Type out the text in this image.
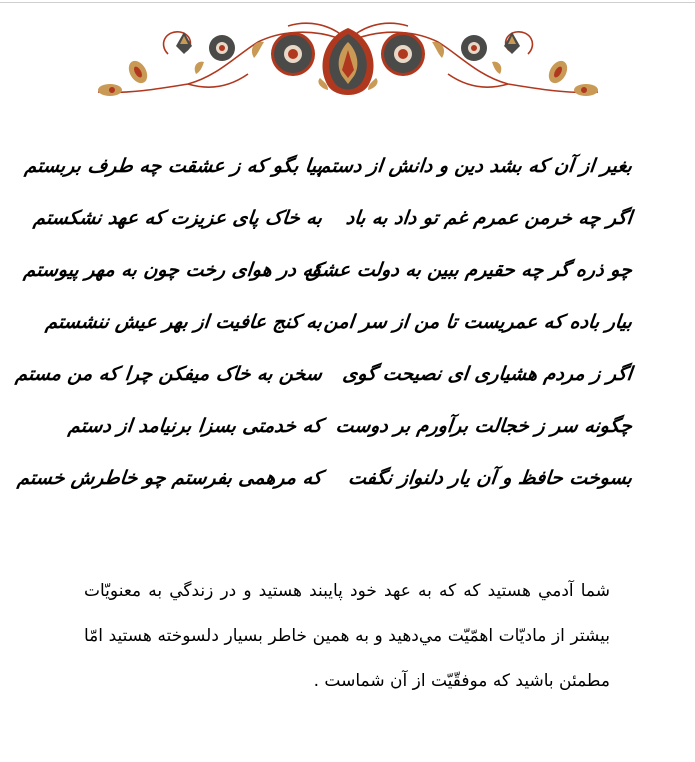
بغیر از آن که بشد دین و دانش از دستم
اگر چه خرمن عمرم غم تو داد به باد
چو ذره گر چه حقیرم ببین به دولت عشق
بیار باده که عمریست تا من از سر امن
اگر ز مردم هشیاری ای نصیحت گوی
چگونه سر ز خجالت برآورم بر دوست
بسوخت حافظ و آن یار دلنواز نگفت
بیا بگو که ز عشقت چه طرف بربستم
به خاک پای عزیزت که عهد نشکستم
که در هوای رخت چون به مهر پیوستم
به کنج عافیت از بهر عیش ننشستم
سخن به خاک میفکن چرا که من مستم
که خدمتی بسزا برنیامد از دستم
که مرهمی بفرستم چو خاطرش خستم

شما آدمي هستيد كه كه به عهد خود پايبند هستيد و در زندگي به معنويّات بيشتر از ماديّات اهمّيّت مي‌دهيد و به همين خاطر بسيار دلسوخته هستيد امّا مطمئن باشيد كه موفقّيّت از آن شماست .
